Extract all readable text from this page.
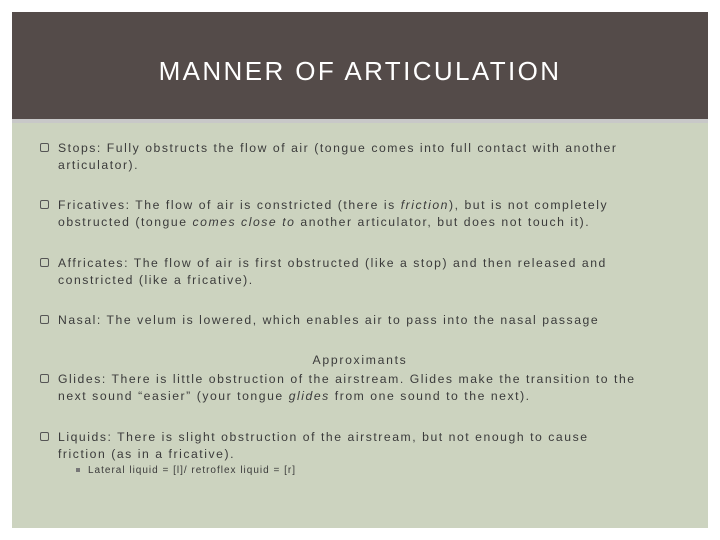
MANNER OF ARTICULATION
Stops: Fully obstructs the flow of air (tongue comes into full contact with another
articulator).
Fricatives: The flow of air is constricted (there is friction), but is not completely
obstructed (tongue comes close to another articulator, but does not touch it).
Affricates: The flow of air is first obstructed (like a stop) and then released and
constricted (like a fricative).
Nasal: The velum is lowered, which enables air to pass into the nasal passage
Approximants
Glides: There is little obstruction of the airstream. Glides make the transition to the
next sound “easier” (your tongue glides from one sound to the next).
Liquids: There is slight obstruction of the airstream, but not enough to cause
friction (as in a fricative).
Lateral liquid = [l]/ retroflex liquid = [r]
